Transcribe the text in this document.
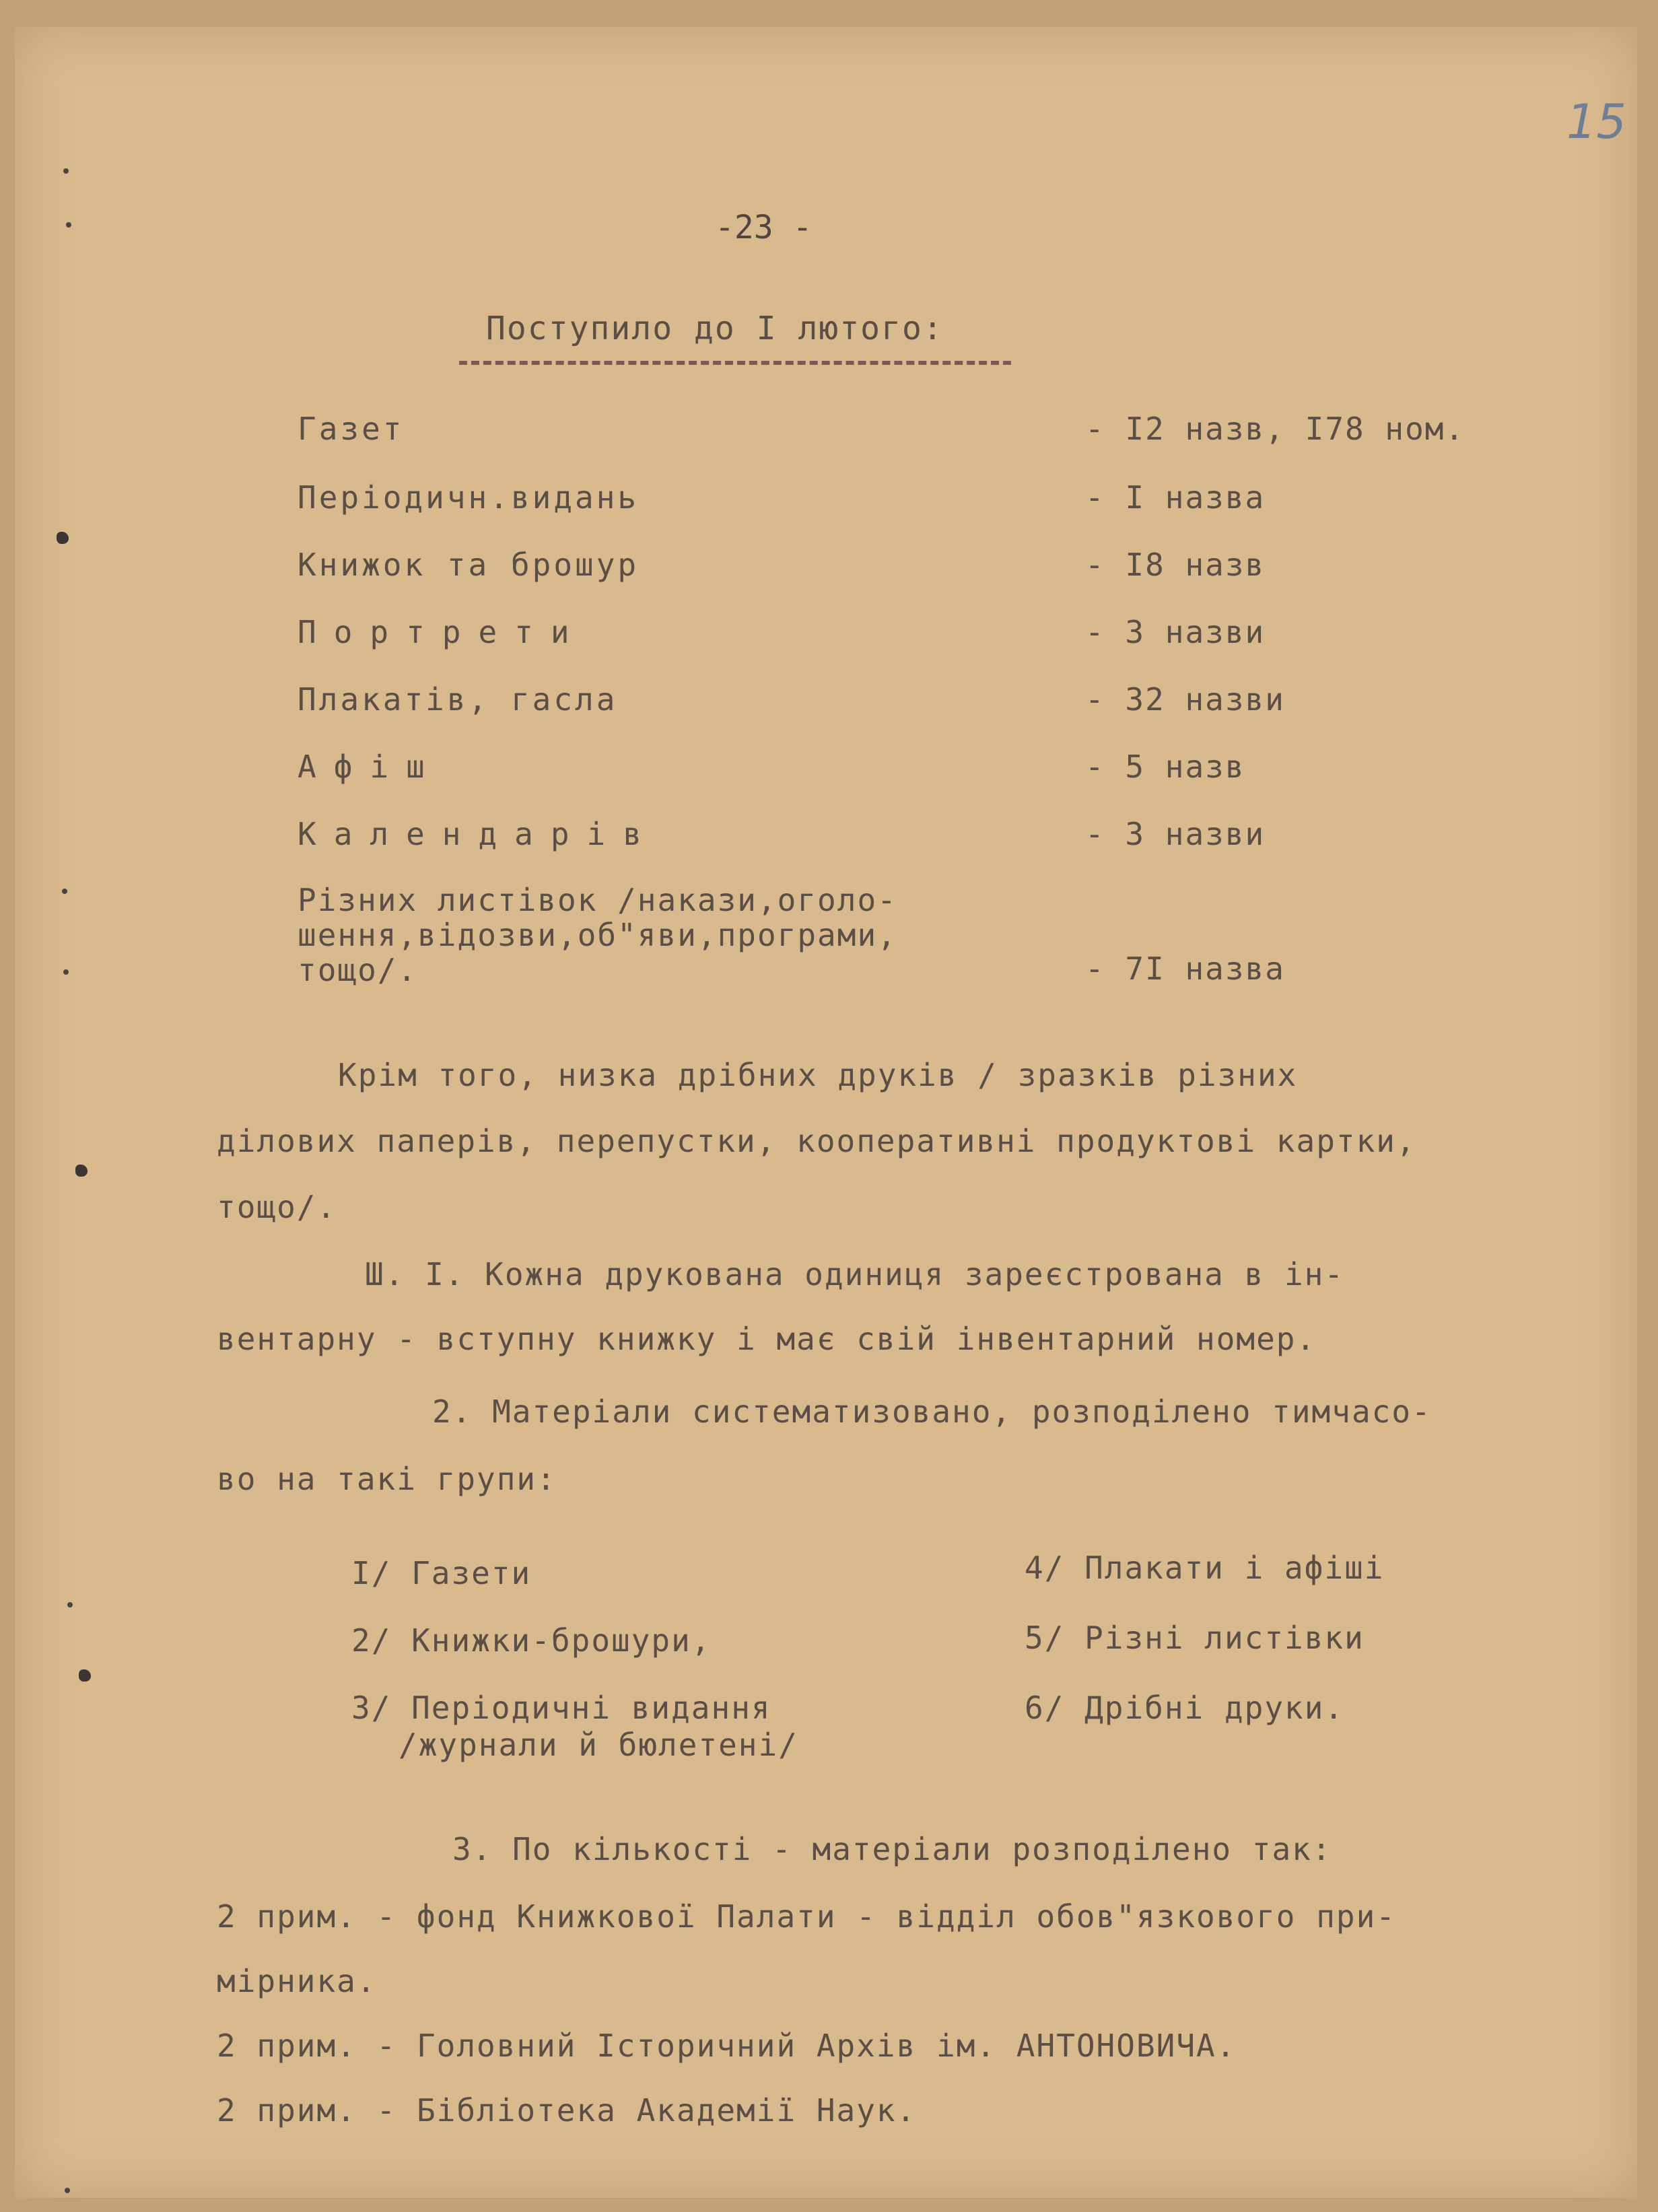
15
-23 -
Поступило до I лютого:
Газет	- I2 назв, I78 ном.
Періодичн.видань	- I назва
Книжок та брошур	- I8 назв
Портрети	- 3 назви
Плакатів, гасла	- 32 назви
Афіш	- 5 назв
Календарів	- 3 назви
Різних листівок /накази,оголо-
шення,відозви,об"яви,програми,
тощо/.	- 7I назва
Крім того, низка дрібних друків / зразків різних
ділових паперів, перепустки, кооперативні продуктові картки,
тощо/.
Ш. I. Кожна друкована одиниця зареєстрована в ін-
вентарну - вступну книжку і має свій інвентарний номер.
2. Матеріали систематизовано, розподілено тимчасо-
во на такі групи:
I/ Газети
2/ Книжки-брошури,
3/ Періодичні видання
/журнали й бюлетені/
4/ Плакати і афіші
5/ Різні листівки
6/ Дрібні друки.
3. По кількості - матеріали розподілено так:
2 прим. - фонд Книжкової Палати - відділ обов"язкового при-
мірника.
2 прим. - Головний Історичний Архів ім. АНТОНОВИЧА.
2 прим. - Бібліотека Академії Наук.
